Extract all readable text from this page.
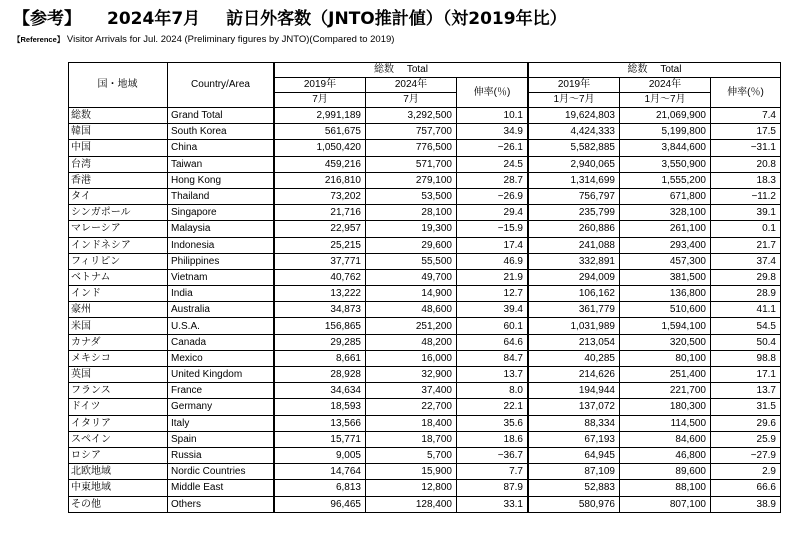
【参考】 2024年7月 訪日外客数（JNTO推計値）（対2019年比）
【Reference】 Visitor Arrivals for Jul. 2024 (Preliminary figures by JNTO)(Compared to 2019)
国・地域	Country/Area	総数　 Total			総数　 Total		
		2019年	2024年	伸率(％)	2019年	2024年	伸率(％)
		7月	7月		1月～7月	1月～7月	
総数	Grand Total	2,991,189	3,292,500	10.1	19,624,803	21,069,900	7.4
韓国	South Korea	561,675	757,700	34.9	4,424,333	5,199,800	17.5
中国	China	1,050,420	776,500	−26.1	5,582,885	3,844,600	−31.1
台湾	Taiwan	459,216	571,700	24.5	2,940,065	3,550,900	20.8
香港	Hong Kong	216,810	279,100	28.7	1,314,699	1,555,200	18.3
タイ	Thailand	73,202	53,500	−26.9	756,797	671,800	−11.2
シンガポール	Singapore	21,716	28,100	29.4	235,799	328,100	39.1
マレーシア	Malaysia	22,957	19,300	−15.9	260,886	261,100	0.1
インドネシア	Indonesia	25,215	29,600	17.4	241,088	293,400	21.7
フィリピン	Philippines	37,771	55,500	46.9	332,891	457,300	37.4
ベトナム	Vietnam	40,762	49,700	21.9	294,009	381,500	29.8
インド	India	13,222	14,900	12.7	106,162	136,800	28.9
豪州	Australia	34,873	48,600	39.4	361,779	510,600	41.1
米国	U.S.A.	156,865	251,200	60.1	1,031,989	1,594,100	54.5
カナダ	Canada	29,285	48,200	64.6	213,054	320,500	50.4
メキシコ	Mexico	8,661	16,000	84.7	40,285	80,100	98.8
英国	United Kingdom	28,928	32,900	13.7	214,626	251,400	17.1
フランス	France	34,634	37,400	8.0	194,944	221,700	13.7
ドイツ	Germany	18,593	22,700	22.1	137,072	180,300	31.5
イタリア	Italy	13,566	18,400	35.6	88,334	114,500	29.6
スペイン	Spain	15,771	18,700	18.6	67,193	84,600	25.9
ロシア	Russia	9,005	5,700	−36.7	64,945	46,800	−27.9
北欧地域	Nordic Countries	14,764	15,900	7.7	87,109	89,600	2.9
中東地域	Middle East	6,813	12,800	87.9	52,883	88,100	66.6
その他	Others	96,465	128,400	33.1	580,976	807,100	38.9
